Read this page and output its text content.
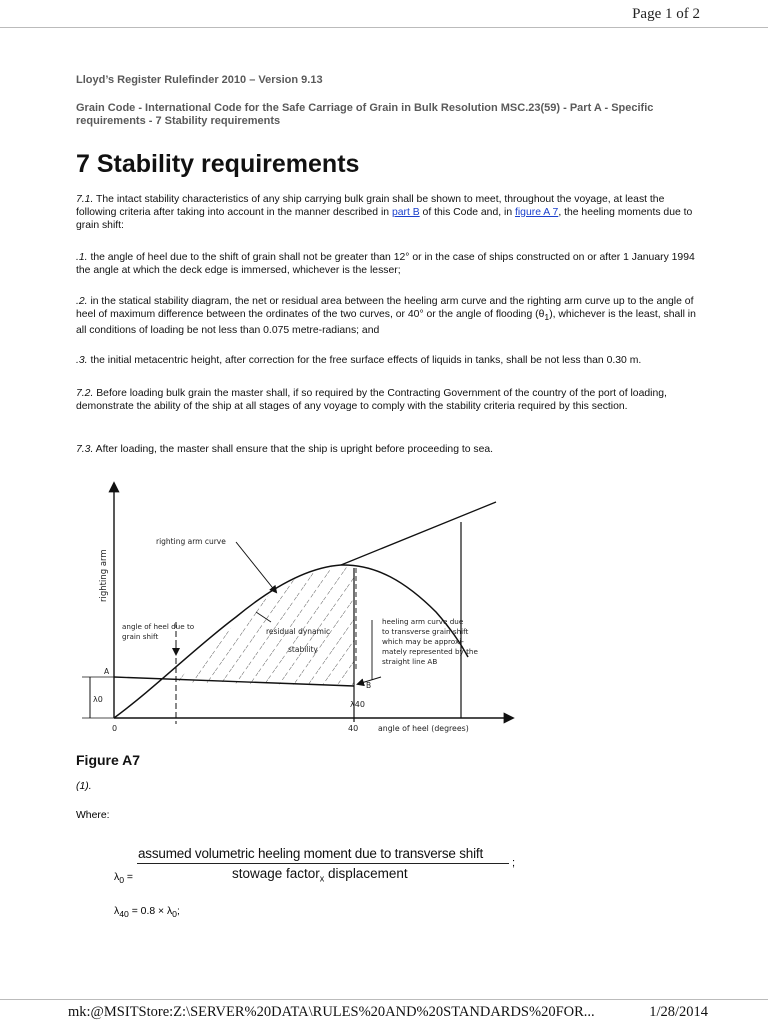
Page 1 of 2
Lloyd’s Register Rulefinder 2010 – Version 9.13
Grain Code - International Code for the Safe Carriage of Grain in Bulk Resolution MSC.23(59) - Part A - Specific requirements - 7 Stability requirements
7 Stability requirements
7.1. The intact stability characteristics of any ship carrying bulk grain shall be shown to meet, throughout the voyage, at least the following criteria after taking into account in the manner described in part B of this Code and, in figure A 7, the heeling moments due to grain shift:
.1. the angle of heel due to the shift of grain shall not be greater than 12° or in the case of ships constructed on or after 1 January 1994 the angle at which the deck edge is immersed, whichever is the lesser;
.2. in the statical stability diagram, the net or residual area between the heeling arm curve and the righting arm curve up to the angle of heel of maximum difference between the ordinates of the two curves, or 40° or the angle of flooding $(\theta_1)$, whichever is the least, shall in all conditions of loading be not less than 0.075 metre-radians; and
.3. the initial metacentric height, after correction for the free surface effects of liquids in tanks, shall be not less than 0.30 m.
7.2. Before loading bulk grain the master shall, if so required by the Contracting Government of the country of the port of loading, demonstrate the ability of the ship at all stages of any voyage to comply with the stability criteria required by this section.
7.3. After loading, the master shall ensure that the ship is upright before proceeding to sea.
righting arm
righting arm curve
angle of heel due to
grain shift
residual dynamic
stability
heeling arm curve due
to transverse grain shift
which may be approxi-
mately represented by the
straight line AB
A
B
λ0
λ40
0	40	angle of heel (degrees)
Figure A7
(1).
Where:
assumed volumetric heeling moment due to transverse shift
stowage factor$_x$ displacement
;
$\lambda_0$ =
$\lambda_{40} = 0.8 \times \lambda_0$;
mk:@MSITStore:Z:\SERVER%20DATA\RULES%20AND%20STANDARDS%20FOR...	1/28/2014
